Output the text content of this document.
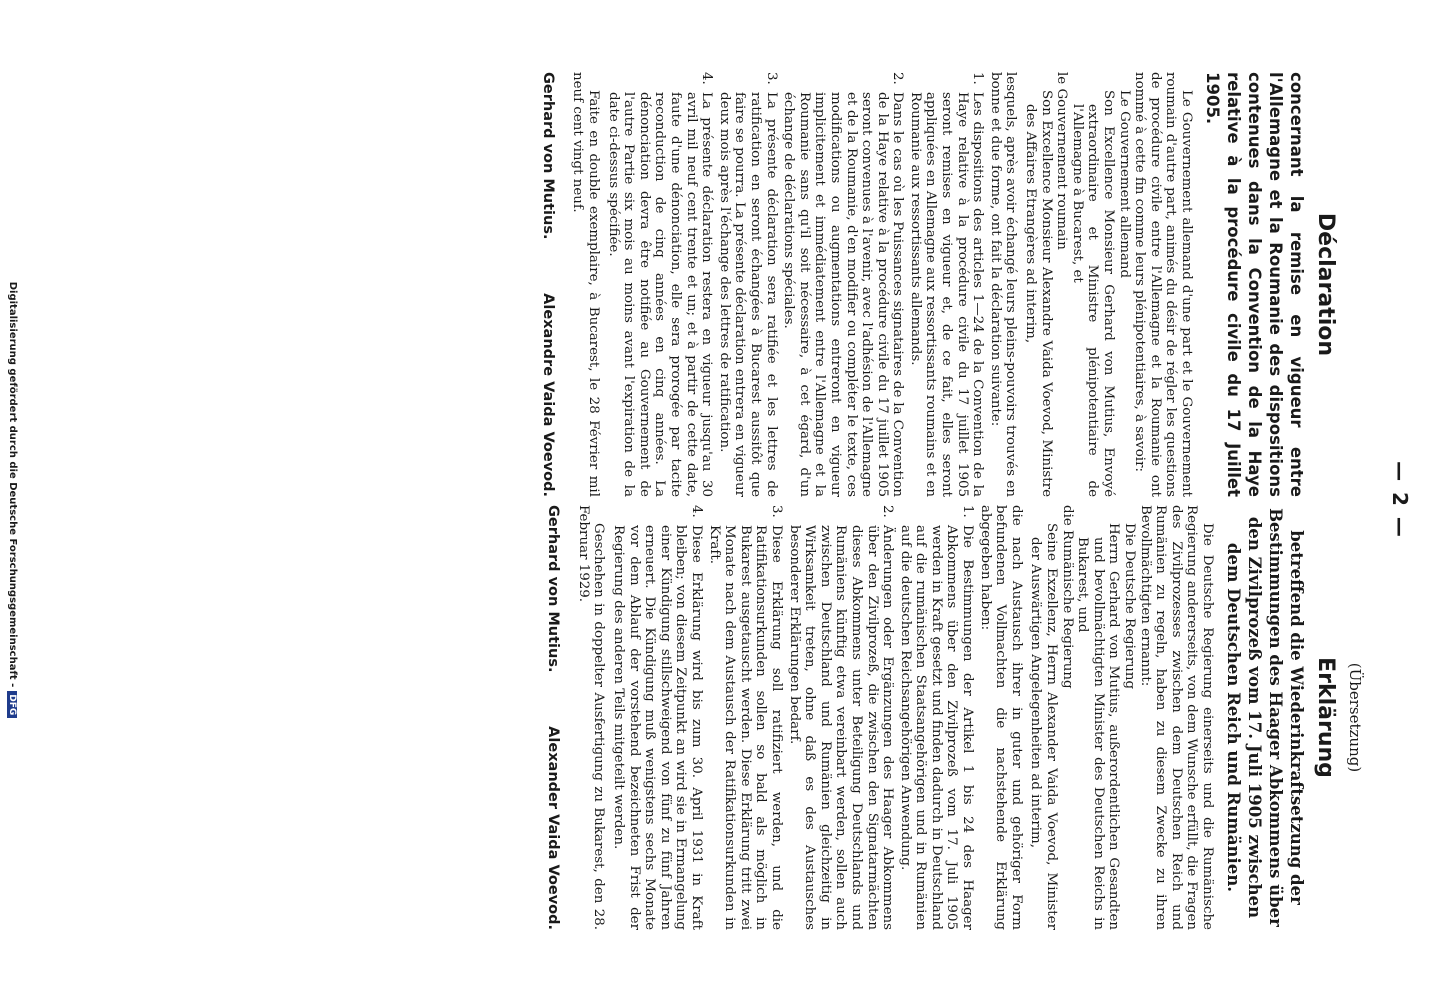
— 2 —
Déclaration
concernant la remise en vigueur entre l'Allemagne et la Roumanie des dispositions contenues dans la Convention de la Haye relative à la procédure civile du 17 Juillet 1905.

Le Gouvernement allemand d'une part et le Gouvernement roumain d'autre part, animés du désir de régler les questions de procédure civile entre l'Allemagne et la Roumanie ont nommé à cette fin comme leurs plénipotentiaires, à savoir:

Le Gouvernement allemand

Son Excellence Monsieur Gerhard von Mutius, Envoyé extraordinaire et Ministre plénipotentiaire de l'Allemagne à Bucarest, et

le Gouvernement roumain

Son Excellence Monsieur Alexandre Vaida Voevod, Ministre des Affaires Etrangères ad interim,

lesquels, après avoir échangé leurs pleins-pouvoirs trouvés en bonne et due forme, ont fait la déclaration suivante:

1.

Les dispositions des articles 1—24 de la Convention de la Haye relative à la procédure civile du 17 juillet 1905 seront remises en vigueur et, de ce fait, elles seront appliquées en Allemagne aux ressortissants roumains et en Roumanie aux ressortissants allemands.

2.

Dans le cas où les Puissances signataires de la Convention de la Haye relative à la procédure civile du 17 juillet 1905 seront convenues à l'avenir, avec l'adhésion de l'Allemagne et de la Roumanie, d'en modifier ou compléter le texte, ces modifications ou augmentations entreront en vigueur implicitement et immédiatement entre l'Allemagne et la Roumanie sans qu'il soit nécessaire, à cet égard, d'un échange de déclarations spéciales.

3.

La présente déclaration sera ratifiée et les lettres de ratification en seront échangées à Bucarest aussitôt que faire se pourra. La présente déclaration entrera en vigueur deux mois après l'échange des lettres de ratification.

4.

La présente déclaration restera en vigueur jusqu'au 30 avril mil neuf cent trente et un; et à partir de cette date, faute d'une dénonciation, elle sera prorogée par tacite reconduction de cinq années en cinq années. La dénonciation devra être notifiée au Gouvernement de l'autre Partie six mois au moins avant l'expiration de la date ci-dessus spécifiée.

Faite en double exemplaire, à Bucarest, le 28 Février mil neuf cent vingt neuf.

Gerhard von Mutius.
Alexandre Vaida Voevod.
(Übersetzung)
Erklärung
betreffend die Wiederinkraftsetzung der Bestimmungen des Haager Abkommens über den Zivilprozeß vom 17. Juli 1905 zwischen dem Deutschen Reich und Rumänien.

Die Deutsche Regierung einerseits und die Rumänische Regierung andererseits, von dem Wunsche erfüllt, die Fragen des Zivilprozesses zwischen dem Deutschen Reich und Rumänien zu regeln, haben zu diesem Zwecke zu ihren Bevollmächtigten ernannt:

Die Deutsche Regierung

Herrn Gerhard von Mutius, außerordentlichen Gesandten und bevollmächtigten Minister des Deutschen Reichs in Bukarest, und

die Rumänische Regierung

Seine Exzellenz, Herrn Alexander Vaida Voevod, Minister der Auswärtigen Angelegenheiten ad interim,

die nach Austausch ihrer in guter und gehöriger Form befundenen Vollmachten die nachstehende Erklärung abgegeben haben:

1.

Die Bestimmungen der Artikel 1 bis 24 des Haager Abkommens über den Zivilprozeß vom 17. Juli 1905 werden in Kraft gesetzt und finden dadurch in Deutschland auf die rumänischen Staatsangehörigen und in Rumänien auf die deutschen Reichsangehörigen Anwendung.

2.

Änderungen oder Ergänzungen des Haager Abkommens über den Zivilprozeß, die zwischen den Signatarmächten dieses Abkommens unter Beteiligung Deutschlands und Rumäniens künftig etwa vereinbart werden, sollen auch zwischen Deutschland und Rumänien gleichzeitig in Wirksamkeit treten, ohne daß es des Austausches besonderer Erklärungen bedarf.

3.

Diese Erklärung soll ratifiziert werden, und die Ratifikationsurkunden sollen so bald als möglich in Bukarest ausgetauscht werden. Diese Erklärung tritt zwei Monate nach dem Austausch der Ratifikationsurkunden in Kraft.

4.

Diese Erklärung wird bis zum 30. April 1931 in Kraft bleiben; von diesem Zeitpunkt an wird sie in Ermangelung einer Kündigung stillschweigend von fünf zu fünf Jahren erneuert. Die Kündigung muß wenigstens sechs Monate vor dem Ablauf der vorstehend bezeichneten Frist der Regierung des anderen Teils mitgeteilt werden.

Geschehen in doppelter Ausfertigung zu Bukarest, den 28. Februar 1929.

Gerhard von Mutius.
Alexander Vaida Voevod.
Digitalisierung gefördert durch die Deutsche Forschungsgemeinschaft -DFG
